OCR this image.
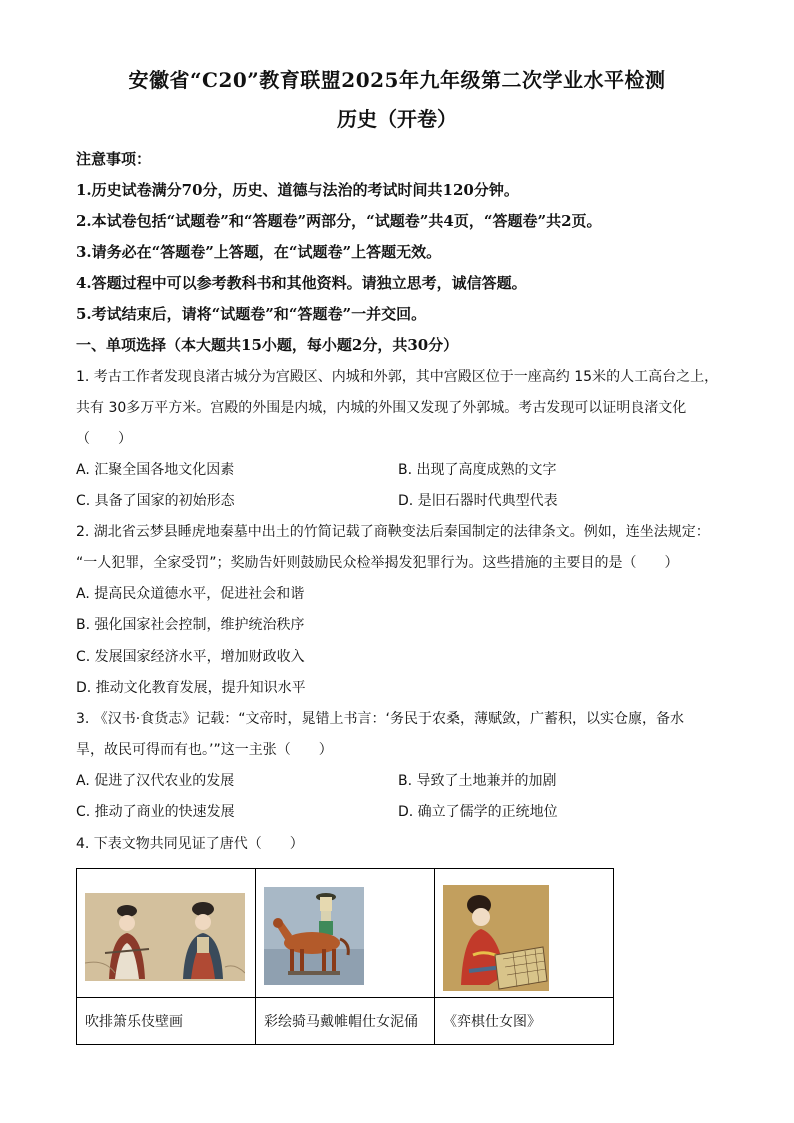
安徽省“C20”教育联盟2025年九年级第二次学业水平检测
历史（开卷）
注意事项：
1.历史试卷满分70分，历史、道德与法治的考试时间共120分钟。
2.本试卷包括“试题卷”和“答题卷”两部分，“试题卷”共4页，“答题卷”共2页。
3.请务必在“答题卷”上答题，在“试题卷”上答题无效。
4.答题过程中可以参考教科书和其他资料。请独立思考，诚信答题。
5.考试结束后，请将“试题卷”和“答题卷”一并交回。
一、单项选择（本大题共15小题，每小题2分，共30分）
1. 考古工作者发现良渚古城分为宫殿区、内城和外郭，其中宫殿区位于一座高约 15米的人工高台之上，
共有 30多万平方米。宫殿的外围是内城，内城的外围又发现了外郭城。考古发现可以证明良渚文化
（　　）
A. 汇聚全国各地文化因素	B. 出现了高度成熟的文字
C. 具备了国家的初始形态	D. 是旧石器时代典型代表
2. 湖北省云梦县睡虎地秦墓中出土的竹简记载了商鞅变法后秦国制定的法律条文。例如，连坐法规定：
“一人犯罪，全家受罚”；奖励告奸则鼓励民众检举揭发犯罪行为。这些措施的主要目的是（　　）
A. 提高民众道德水平，促进社会和谐
B. 强化国家社会控制，维护统治秩序
C. 发展国家经济水平，增加财政收入
D. 推动文化教育发展，提升知识水平
3. 《汉书·食货志》记载：“文帝时，晁错上书言：‘务民于农桑，薄赋敛，广蓄积，以实仓廪，备水
旱，故民可得而有也。’”这一主张（　　）
A. 促进了汉代农业的发展	B. 导致了土地兼并的加剧
C. 推动了商业的快速发展	D. 确立了儒学的正统地位
4. 下表文物共同见证了唐代（　　）

吹排箫乐伎壁画	彩绘骑马戴帷帽仕女泥俑	《弈棋仕女图》
